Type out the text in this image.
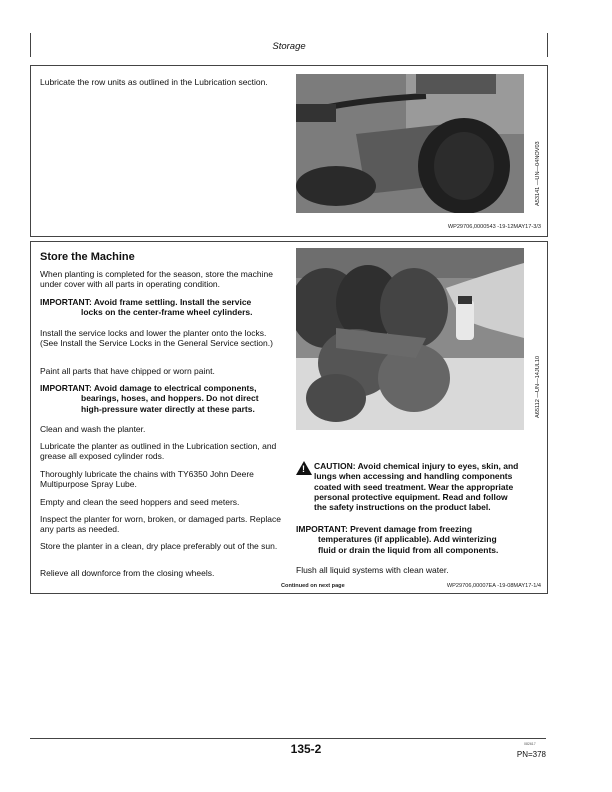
Storage
Lubricate the row units as outlined in the Lubrication section.
A53141 —UN—04NOV03
WP29706,0000543 -19-12MAY17-3/3
Store the Machine
When planting is completed for the season, store the machine under cover with all parts in operating condition.
IMPORTANT: Avoid frame settling. Install the service
locks on the center-frame wheel cylinders.
Install the service locks and lower the planter onto the locks. (See Install the Service Locks in the General Service section.)
Paint all parts that have chipped or worn paint.
IMPORTANT: Avoid damage to electrical components,
bearings, hoses, and hoppers. Do not direct
high-pressure water directly at these parts.
Clean and wash the planter.
Lubricate the planter as outlined in the Lubrication section, and grease all exposed cylinder rods.
Thoroughly lubricate the chains with TY6350 John Deere Multipurpose Spray Lube.
Empty and clean the seed hoppers and seed meters.
Inspect the planter for worn, broken, or damaged parts. Replace any parts as needed.
Store the planter in a clean, dry place preferably out of the sun.
Relieve all downforce from the closing wheels.
A65112 —UN—14JUL10
! CAUTION: Avoid chemical injury to eyes, skin, and
lungs when accessing and handling components
coated with seed treatment. Wear the appropriate
personal protective equipment. Read and follow
the safety instructions on the product label.
IMPORTANT: Prevent damage from freezing
temperatures (if applicable). Add winterizing
fluid or drain the liquid from all components.
Flush all liquid systems with clean water.
Continued on next page	WP29706,00007EA -19-08MAY17-1/4
135-2	082617
PN=378
